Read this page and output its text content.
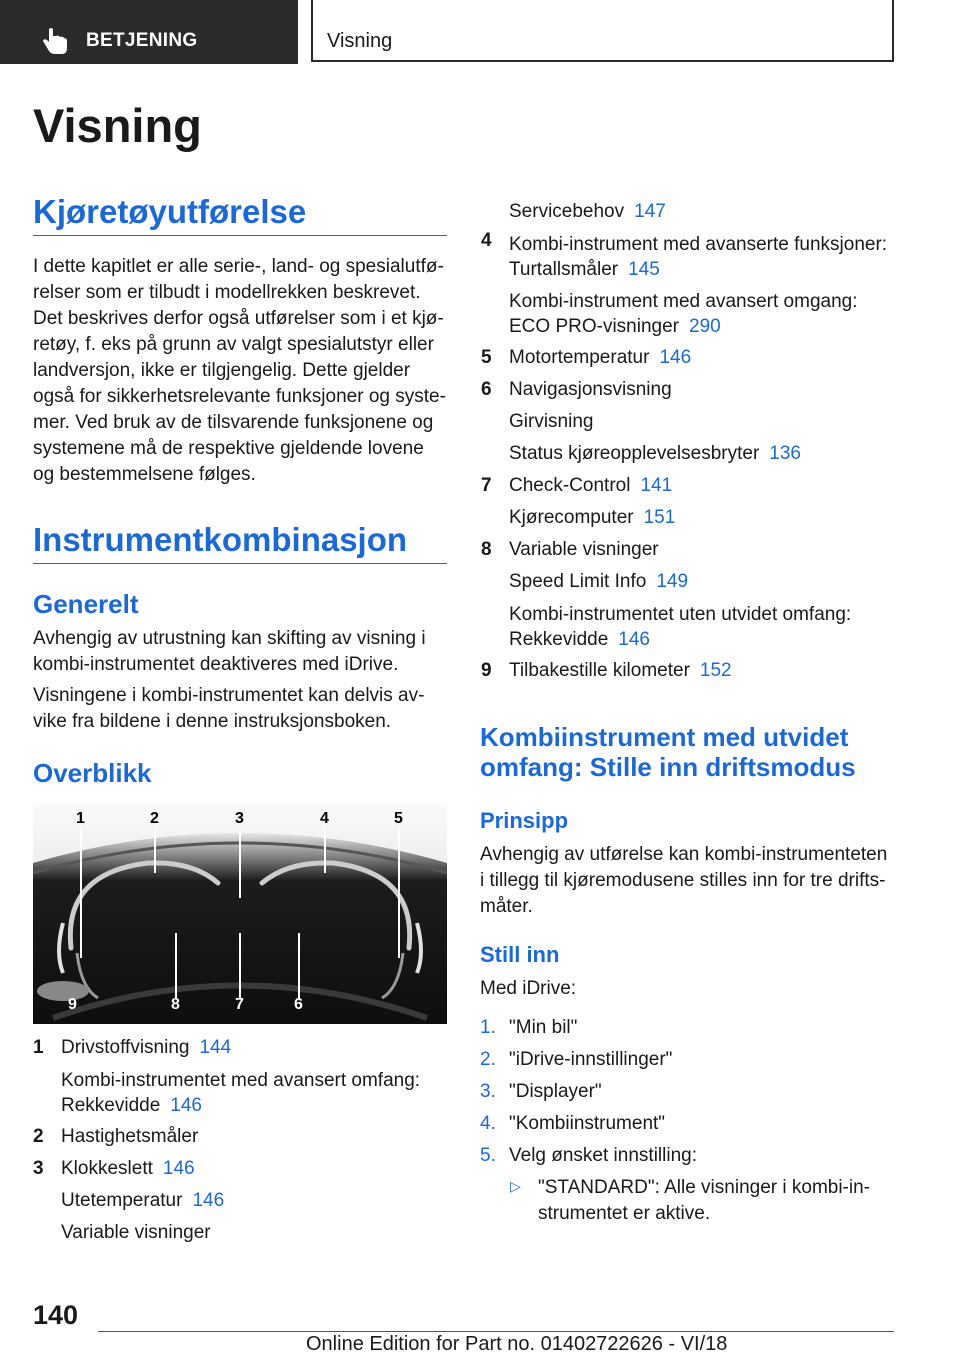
BETJENING	Visning
Visning
Kjøretøyutførelse
I dette kapitlet er alle serie-, land- og spesialutfø-
relser som er tilbudt i modellrekken beskrevet.
Det beskrives derfor også utførelser som i et kjø-
retøy, f. eks på grunn av valgt spesialutstyr eller
landversjon, ikke er tilgjengelig. Dette gjelder
også for sikkerhetsrelevante funksjoner og syste-
mer. Ved bruk av de tilsvarende funksjonene og
systemene må de respektive gjeldende lovene
og bestemmelsene følges.
Instrumentkombinasjon
Generelt
Avhengig av utrustning kan skifting av visning i
kombi-instrumentet deaktiveres med iDrive.
Visningene i kombi-instrumentet kan delvis av-
vike fra bildene i denne instruksjonsboken.
Overblikk
1	2	3	4	5
9	8	7	6
1 Drivstoffvisning 144
Kombi-instrumentet med avansert omfang:
Rekkevidde 146
2 Hastighetsmåler
3 Klokkeslett 146
Utetemperatur 146
Variable visninger
Servicebehov 147
4 Kombi-instrument med avanserte funksjoner:
Turtallsmåler 145
Kombi-instrument med avansert omgang:
ECO PRO-visninger 290
5 Motortemperatur 146
6 Navigasjonsvisning
Girvisning
Status kjøreopplevelsesbryter 136
7 Check-Control 141
Kjørecomputer 151
8 Variable visninger
Speed Limit Info 149
Kombi-instrumentet uten utvidet omfang:
Rekkevidde 146
9 Tilbakestille kilometer 152
Kombiinstrument med utvidet
omfang: Stille inn driftsmodus
Prinsipp
Avhengig av utførelse kan kombi-instrumenteten
i tillegg til kjøremodusene stilles inn for tre drifts-
måter.
Still inn
Med iDrive:
1. "Min bil"
2. "iDrive-innstillinger"
3. "Displayer"
4. "Kombiinstrument"
5. Velg ønsket innstilling:
▷ "STANDARD": Alle visninger i kombi-in-
strumentet er aktive.
140
Online Edition for Part no. 01402722626 - VI/18
